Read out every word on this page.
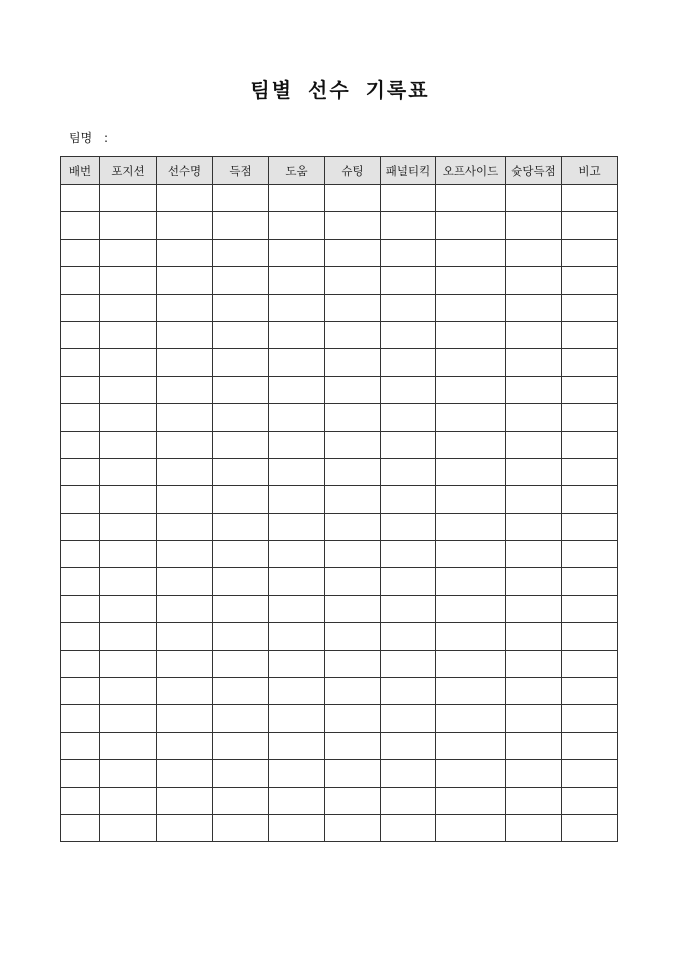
팀별 선수 기록표
팀명 :
배번	포지션	선수명	득점	도움	슈팅	패널티킥	오프사이드	슛당득점	비고
